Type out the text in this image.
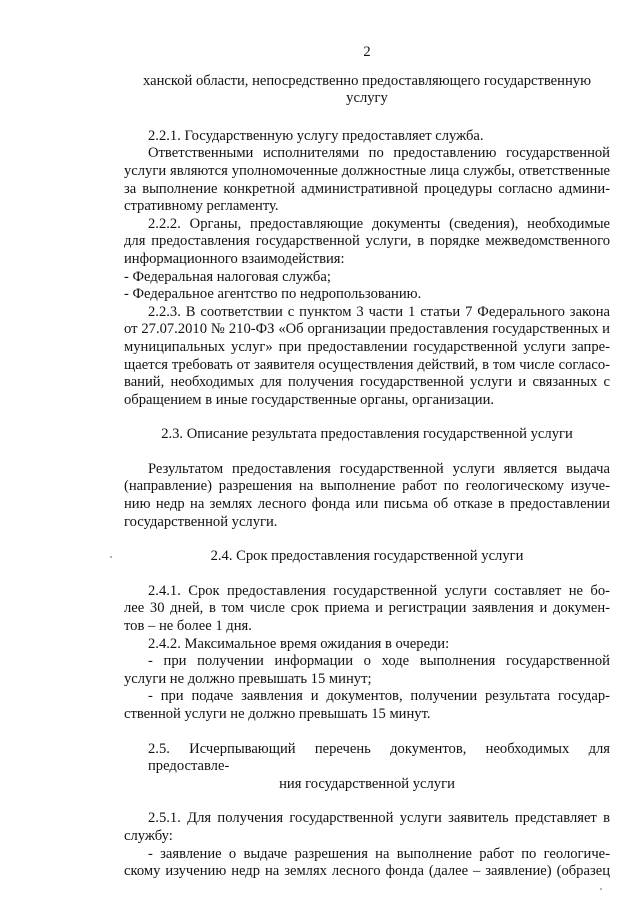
2
ханской области, непосредственно предоставляющего государственную
услугу
2.2.1. Государственную услугу предоставляет служба.
Ответственными исполнителями по предоставлению государственной
услуги являются уполномоченные должностные лица службы, ответственные
за выполнение конкретной административной процедуры согласно админи-
стративному регламенту.
2.2.2. Органы, предоставляющие документы (сведения), необходимые
для предоставления государственной услуги, в порядке межведомственного
информационного взаимодействия:
- Федеральная налоговая служба;
- Федеральное агентство по недропользованию.
2.2.3. В соответствии с пунктом 3 части 1 статьи 7 Федерального закона
от 27.07.2010 № 210-ФЗ «Об организации предоставления государственных и
муниципальных услуг» при предоставлении государственной услуги запре-
щается требовать от заявителя осуществления действий, в том числе согласо-
ваний, необходимых для получения государственной услуги и связанных с
обращением в иные государственные органы, организации.
2.3. Описание результата предоставления государственной услуги
Результатом предоставления государственной услуги является выдача
(направление) разрешения на выполнение работ по геологическому изуче-
нию недр на землях лесного фонда или письма об отказе в предоставлении
государственной услуги.
2.4. Срок предоставления государственной услуги
2.4.1. Срок предоставления государственной услуги составляет не бо-
лее 30 дней, в том числе срок приема и регистрации заявления и докумен-
тов – не более 1 дня.
2.4.2. Максимальное время ожидания в очереди:
- при получении информации о ходе выполнения государственной
услуги не должно превышать 15 минут;
- при подаче заявления и документов, получении результата государ-
ственной услуги не должно превышать 15 минут.
2.5. Исчерпывающий перечень документов, необходимых для предоставле-
ния государственной услуги
2.5.1. Для получения государственной услуги заявитель представляет в
службу:
- заявление о выдаче разрешения на выполнение работ по геологиче-
скому изучению недр на землях лесного фонда (далее – заявление) (образец
